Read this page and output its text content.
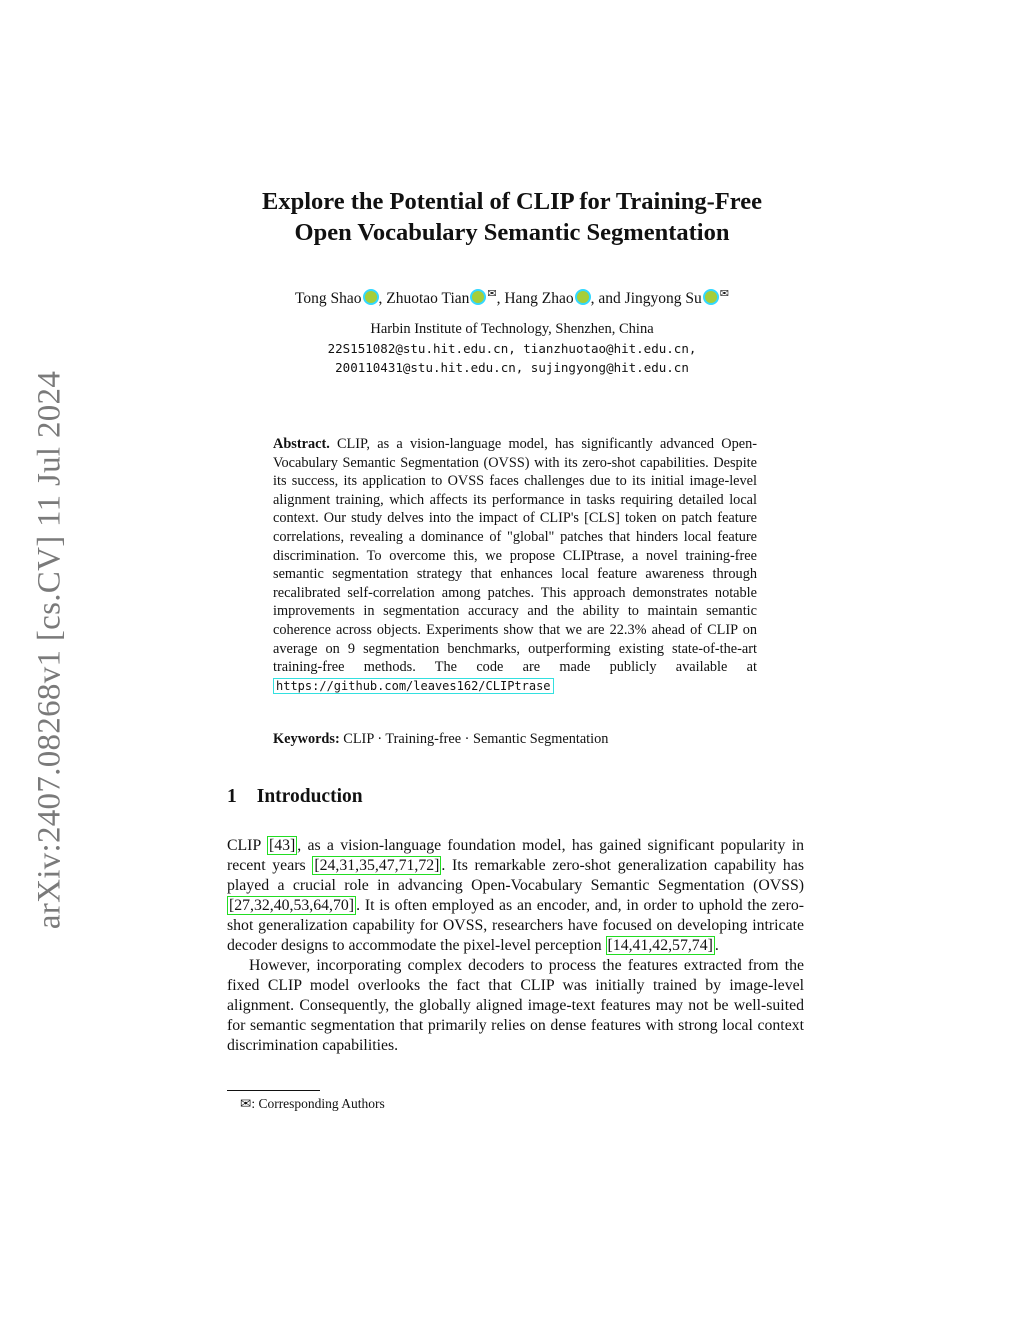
arXiv:2407.08268v1 [cs.CV] 11 Jul 2024
Explore the Potential of CLIP for Training-Free
Open Vocabulary Semantic Segmentation
Tong Shao , Zhuotao Tian ✉, Hang Zhao , and Jingyong Su ✉
Harbin Institute of Technology, Shenzhen, China
22S151082@stu.hit.edu.cn, tianzhuotao@hit.edu.cn,
200110431@stu.hit.edu.cn, sujingyong@hit.edu.cn

Abstract. CLIP, as a vision-language model, has significantly advanced Open-Vocabulary Semantic Segmentation (OVSS) with its zero-shot capabilities. Despite its success, its application to OVSS faces challenges due to its initial image-level alignment training, which affects its performance in tasks requiring detailed local context. Our study delves into the impact of CLIP's [CLS] token on patch feature correlations, revealing a dominance of "global" patches that hinders local feature discrimination. To overcome this, we propose CLIPtrase, a novel training-free semantic segmentation strategy that enhances local feature awareness through recalibrated self-correlation among patches. This approach demonstrates notable improvements in segmentation accuracy and the ability to maintain semantic coherence across objects. Experiments show that we are 22.3% ahead of CLIP on average on 9 segmentation benchmarks, outperforming existing state-of-the-art training-free methods. The code are made publicly available at https://github.com/leaves162/CLIPtrase

Keywords: CLIP · Training-free · Semantic Segmentation
1 Introduction

CLIP [43] , as a vision-language foundation model, has gained significant popularity in recent years [24,31,35,47,71,72] . Its remarkable zero-shot generalization capability has played a crucial role in advancing Open-Vocabulary Semantic Segmentation (OVSS) [27,32,40,53,64,70] . It is often employed as an encoder, and, in order to uphold the zero-shot generalization capability for OVSS, researchers have focused on developing intricate decoder designs to accommodate the pixel-level perception [14,41,42,57,74] .

However, incorporating complex decoders to process the features extracted from the fixed CLIP model overlooks the fact that CLIP was initially trained by image-level alignment. Consequently, the globally aligned image-text features may not be well-suited for semantic segmentation that primarily relies on dense features with strong local context discrimination capabilities.

✉: Corresponding Authors
